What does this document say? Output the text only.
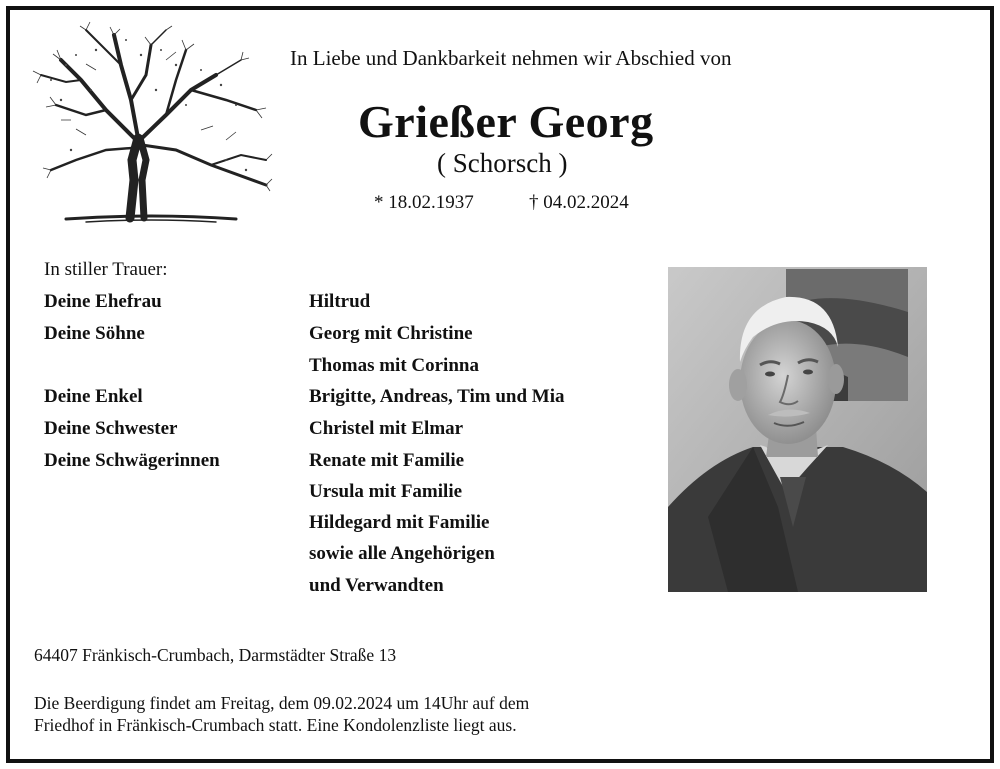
In Liebe und Dankbarkeit nehmen wir Abschied von
Grießer Georg
( Schorsch )
* 18.02.1937	† 04.02.2024
In stiller Trauer:
Deine Ehefrau	Hiltrud
Deine Söhne	Georg mit Christine
Thomas mit Corinna
Deine Enkel	Brigitte, Andreas, Tim und Mia
Deine Schwester	Christel mit Elmar
Deine Schwägerinnen	Renate mit Familie
Ursula mit Familie
Hildegard mit Familie
sowie alle Angehörigen
und Verwandten
64407 Fränkisch-Crumbach, Darmstädter Straße 13
Die Beerdigung findet am Freitag, dem 09.02.2024 um 14Uhr auf dem
Friedhof in Fränkisch-Crumbach statt. Eine Kondolenzliste liegt aus.
